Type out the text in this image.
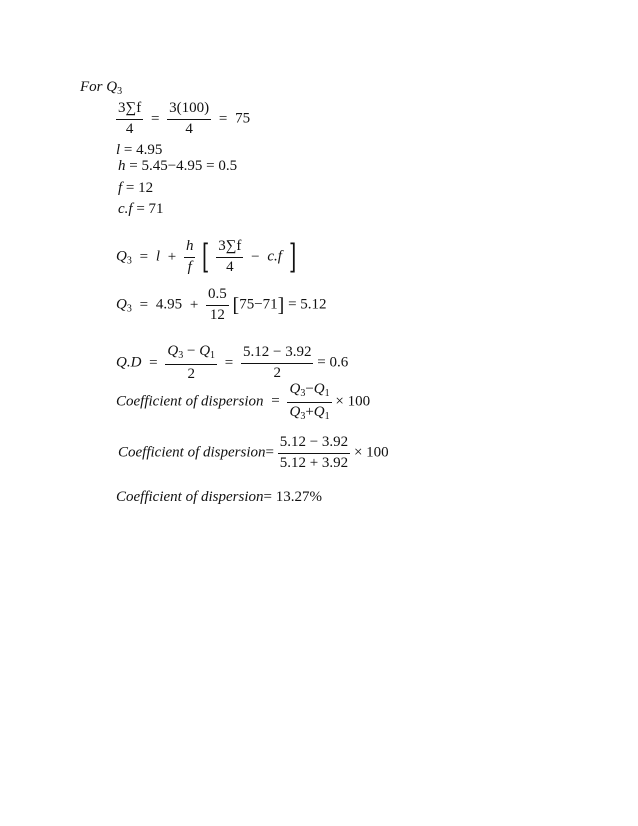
For $Q_3$
$\frac{3\sum f}{4} = \frac{3(100)}{4} = 75$
l = 4.95
h = 5.45−4.95 = 0.5
f = 12
c.f = 71
$Q_3 = l + \frac{h}{f}$ [ $\frac{3\sum f}{4} - c.f$ ]
$Q_3 = 4.95 + \frac{0.5}{12} [75-71] = 5.12$
$Q.D = \frac{Q_3 - Q_1}{2} = \frac{5.12 - 3.92}{2} = 0.6$
Coefficient of dispersion = $\frac{Q_3-Q_1}{Q_3+Q_1} \times 100$
Coefficient of dispersion= $\frac{5.12 - 3.92}{5.12 + 3.92} \times 100$
Coefficient of dispersion= 13.27%
